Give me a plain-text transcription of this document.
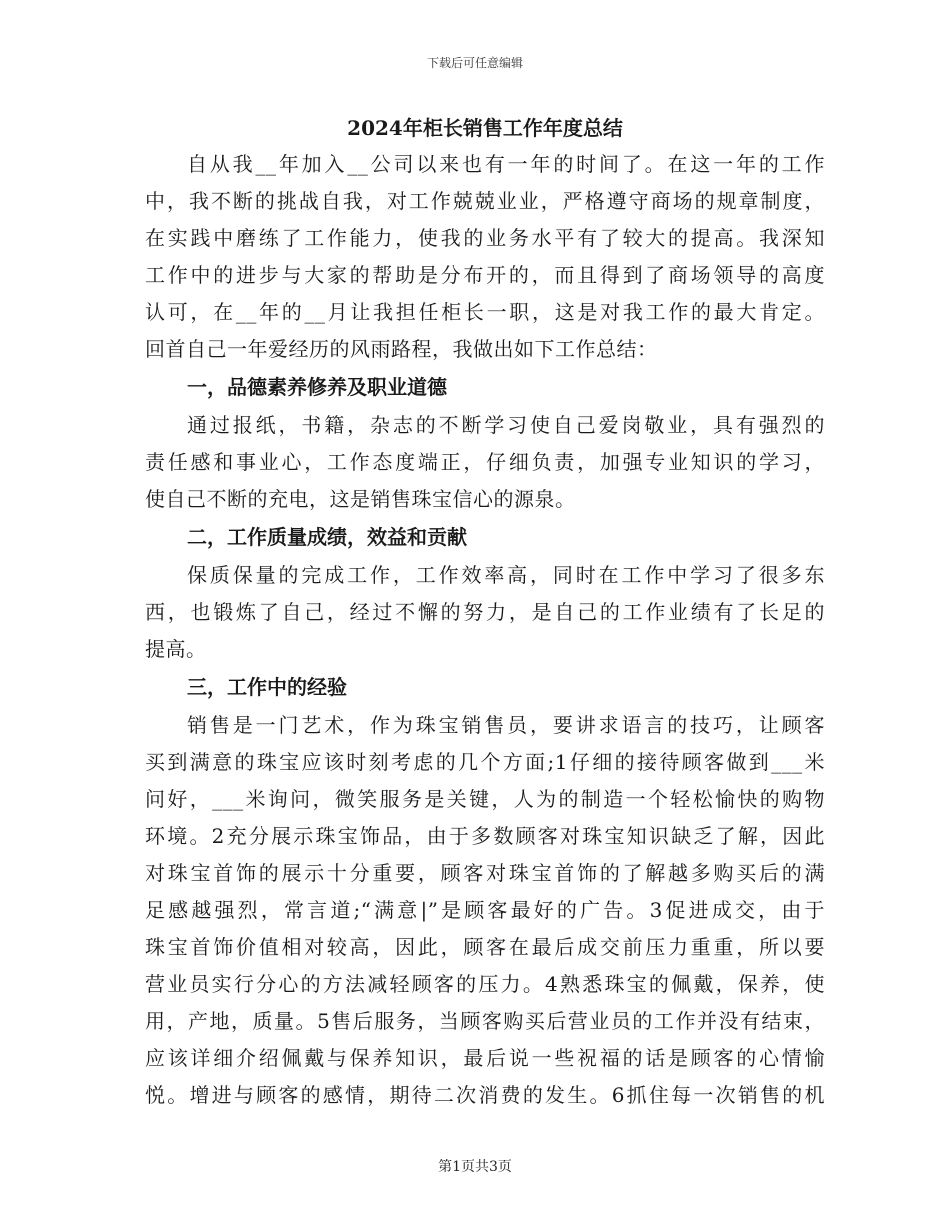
下载后可任意编辑
2024年柜长销售工作年度总结
自从我__年加入__公司以来也有一年的时间了。在这一年的工作
中，我不断的挑战自我，对工作兢兢业业，严格遵守商场的规章制度，
在实践中磨练了工作能力，使我的业务水平有了较大的提高。我深知
工作中的进步与大家的帮助是分布开的，而且得到了商场领导的高度
认可，在__年的__月让我担任柜长一职，这是对我工作的最大肯定。
回首自己一年爱经历的风雨路程，我做出如下工作总结：
一，品德素养修养及职业道德
通过报纸，书籍，杂志的不断学习使自己爱岗敬业，具有强烈的
责任感和事业心，工作态度端正，仔细负责，加强专业知识的学习，
使自己不断的充电，这是销售珠宝信心的源泉。
二，工作质量成绩，效益和贡献
保质保量的完成工作，工作效率高，同时在工作中学习了很多东
西，也锻炼了自己，经过不懈的努力，是自己的工作业绩有了长足的
提高。
三，工作中的经验
销售是一门艺术，作为珠宝销售员，要讲求语言的技巧，让顾客
买到满意的珠宝应该时刻考虑的几个方面;1仔细的接待顾客做到___米
问好，___米询问，微笑服务是关键，人为的制造一个轻松愉快的购物
环境。2充分展示珠宝饰品，由于多数顾客对珠宝知识缺乏了解，因此
对珠宝首饰的展示十分重要，顾客对珠宝首饰的了解越多购买后的满
足感越强烈，常言道;“满意|”是顾客最好的广告。3促进成交，由于
珠宝首饰价值相对较高，因此，顾客在最后成交前压力重重，所以要
营业员实行分心的方法减轻顾客的压力。4熟悉珠宝的佩戴，保养，使
用，产地，质量。5售后服务，当顾客购买后营业员的工作并没有结束，
应该详细介绍佩戴与保养知识，最后说一些祝福的话是顾客的心情愉
悦。增进与顾客的感情，期待二次消费的发生。6抓住每一次销售的机
第1页共3页
